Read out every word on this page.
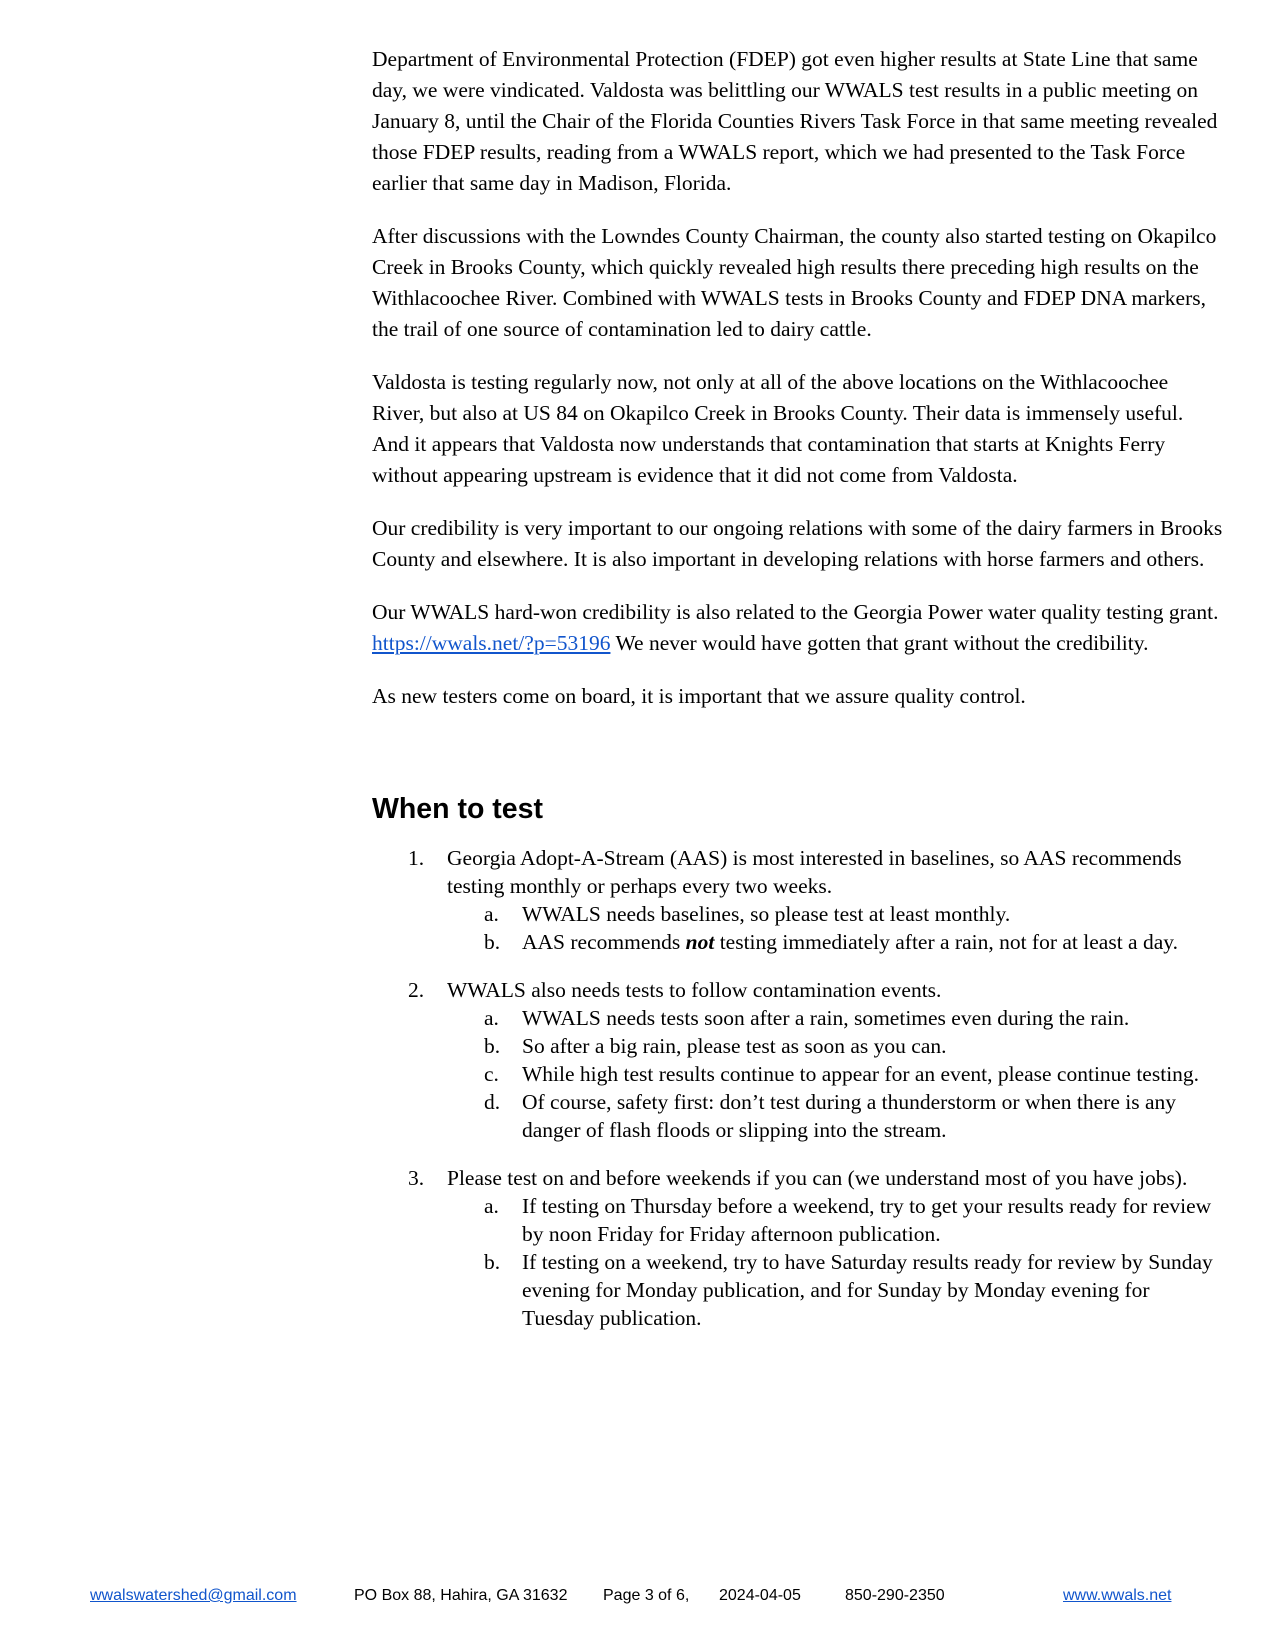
Department of Environmental Protection (FDEP) got even higher results at State Line that same day, we were vindicated. Valdosta was belittling our WWALS test results in a public meeting on January 8, until the Chair of the Florida Counties Rivers Task Force in that same meeting revealed those FDEP results, reading from a WWALS report, which we had presented to the Task Force earlier that same day in Madison, Florida.

After discussions with the Lowndes County Chairman, the county also started testing on Okapilco Creek in Brooks County, which quickly revealed high results there preceding high results on the Withlacoochee River. Combined with WWALS tests in Brooks County and FDEP DNA markers, the trail of one source of contamination led to dairy cattle.

Valdosta is testing regularly now, not only at all of the above locations on the Withlacoochee River, but also at US 84 on Okapilco Creek in Brooks County. Their data is immensely useful. And it appears that Valdosta now understands that contamination that starts at Knights Ferry without appearing upstream is evidence that it did not come from Valdosta.

Our credibility is very important to our ongoing relations with some of the dairy farmers in Brooks County and elsewhere. It is also important in developing relations with horse farmers and others.

Our WWALS hard-won credibility is also related to the Georgia Power water quality testing grant. https://wwals.net/?p=53196 We never would have gotten that grant without the credibility.

As new testers come on board, it is important that we assure quality control.

When to test
1. Georgia Adopt-A-Stream (AAS) is most interested in baselines, so AAS recommends testing monthly or perhaps every two weeks.
a. WWALS needs baselines, so please test at least monthly.
b. AAS recommends not testing immediately after a rain, not for at least a day.
2. WWALS also needs tests to follow contamination events.
a. WWALS needs tests soon after a rain, sometimes even during the rain.
b. So after a big rain, please test as soon as you can.
c. While high test results continue to appear for an event, please continue testing.
d. Of course, safety first: don’t test during a thunderstorm or when there is any danger of flash floods or slipping into the stream.
3. Please test on and before weekends if you can (we understand most of you have jobs).
a. If testing on Thursday before a weekend, try to get your results ready for review by noon Friday for Friday afternoon publication.
b. If testing on a weekend, try to have Saturday results ready for review by Sunday evening for Monday publication, and for Sunday by Monday evening for Tuesday publication.
wwalswatershed@gmail.com	PO Box 88, Hahira, GA 31632 Page 3 of 6, 2024-04-05	850-290-2350	www.wwals.net
